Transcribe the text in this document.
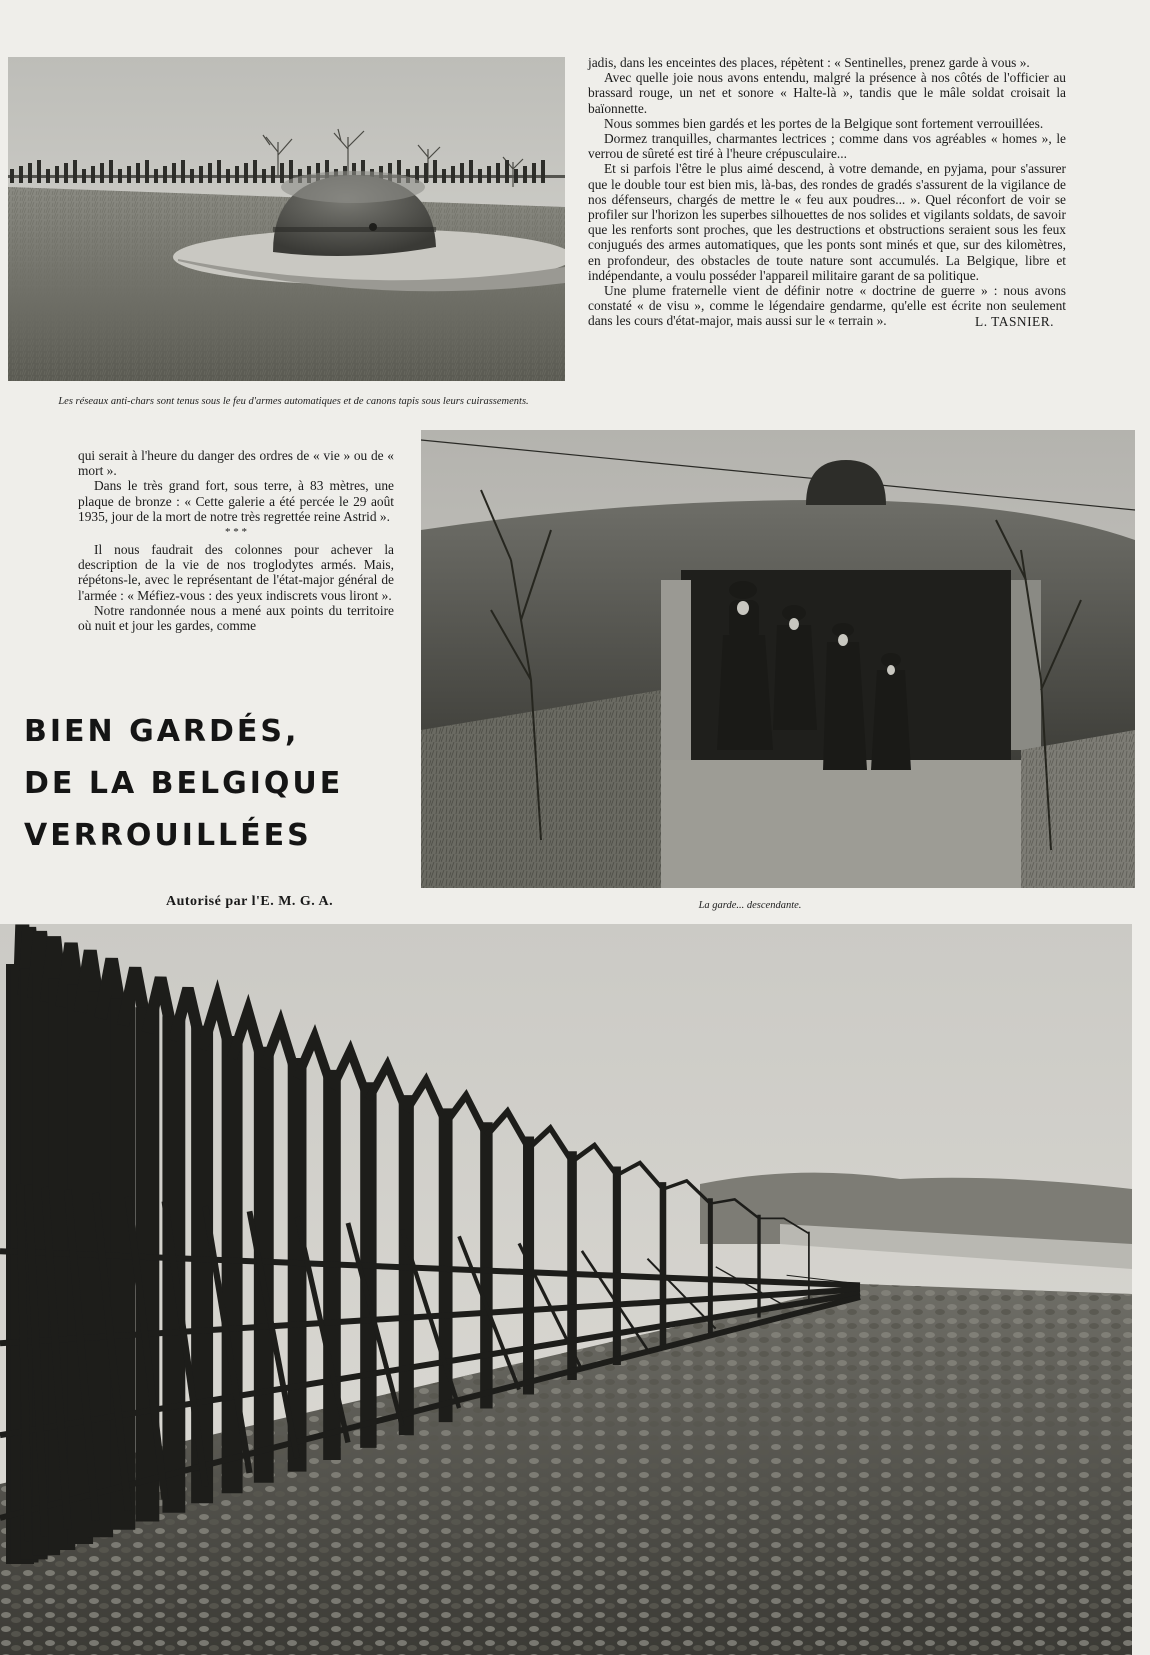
Les réseaux anti-chars sont tenus sous le feu d'armes automatiques et de canons tapis sous leurs cuirassements.

jadis, dans les enceintes des places, répètent : « Sentinelles, prenez garde à vous ».

Avec quelle joie nous avons entendu, malgré la présence à nos côtés de l'officier au brassard rouge, un net et sonore « Halte-là », tandis que le mâle soldat croisait la baïonnette.

Nous sommes bien gardés et les portes de la Belgique sont fortement verrouillées.

Dormez tranquilles, charmantes lectrices ; comme dans vos agréables « homes », le verrou de sûreté est tiré à l'heure crépusculaire...

Et si parfois l'être le plus aimé descend, à votre demande, en pyjama, pour s'assurer que le double tour est bien mis, là-bas, des rondes de gradés s'assurent de la vigilance de nos défenseurs, chargés de mettre le « feu aux poudres... ». Quel réconfort de voir se profiler sur l'horizon les superbes silhouettes de nos solides et vigilants soldats, de savoir que les renforts sont proches, que les destructions et obstructions seraient sous les feux conjugués des armes automatiques, que les ponts sont minés et que, sur des kilomètres, en profondeur, des obstacles de toute nature sont accumulés. La Belgique, libre et indépendante, a voulu posséder l'appareil militaire garant de sa politique.

Une plume fraternelle vient de définir notre « doctrine de guerre » : nous avons constaté « de visu », comme le légendaire gendarme, qu'elle est écrite non seulement dans les cours d'état-major, mais aussi sur le « terrain ».	L. TASNIER.

qui serait à l'heure du danger des ordres de « vie » ou de « mort ».

Dans le très grand fort, sous terre, à 83 mètres, une plaque de bronze : « Cette galerie a été percée le 29 août 1935, jour de la mort de notre très regrettée reine Astrid ».

* * *

Il nous faudrait des colonnes pour achever la description de la vie de nos troglodytes armés. Mais, répétons-le, avec le représentant de l'état-major général de l'armée : « Méfiez-vous : des yeux indiscrets vous liront ».

Notre randonnée nous a mené aux points du territoire où nuit et jour les gardes, comme

BIEN GARDÉS,
DE LA BELGIQUE
VERROUILLÉES
Autorisé par l'E. M. G. A.	La garde... descendante.
